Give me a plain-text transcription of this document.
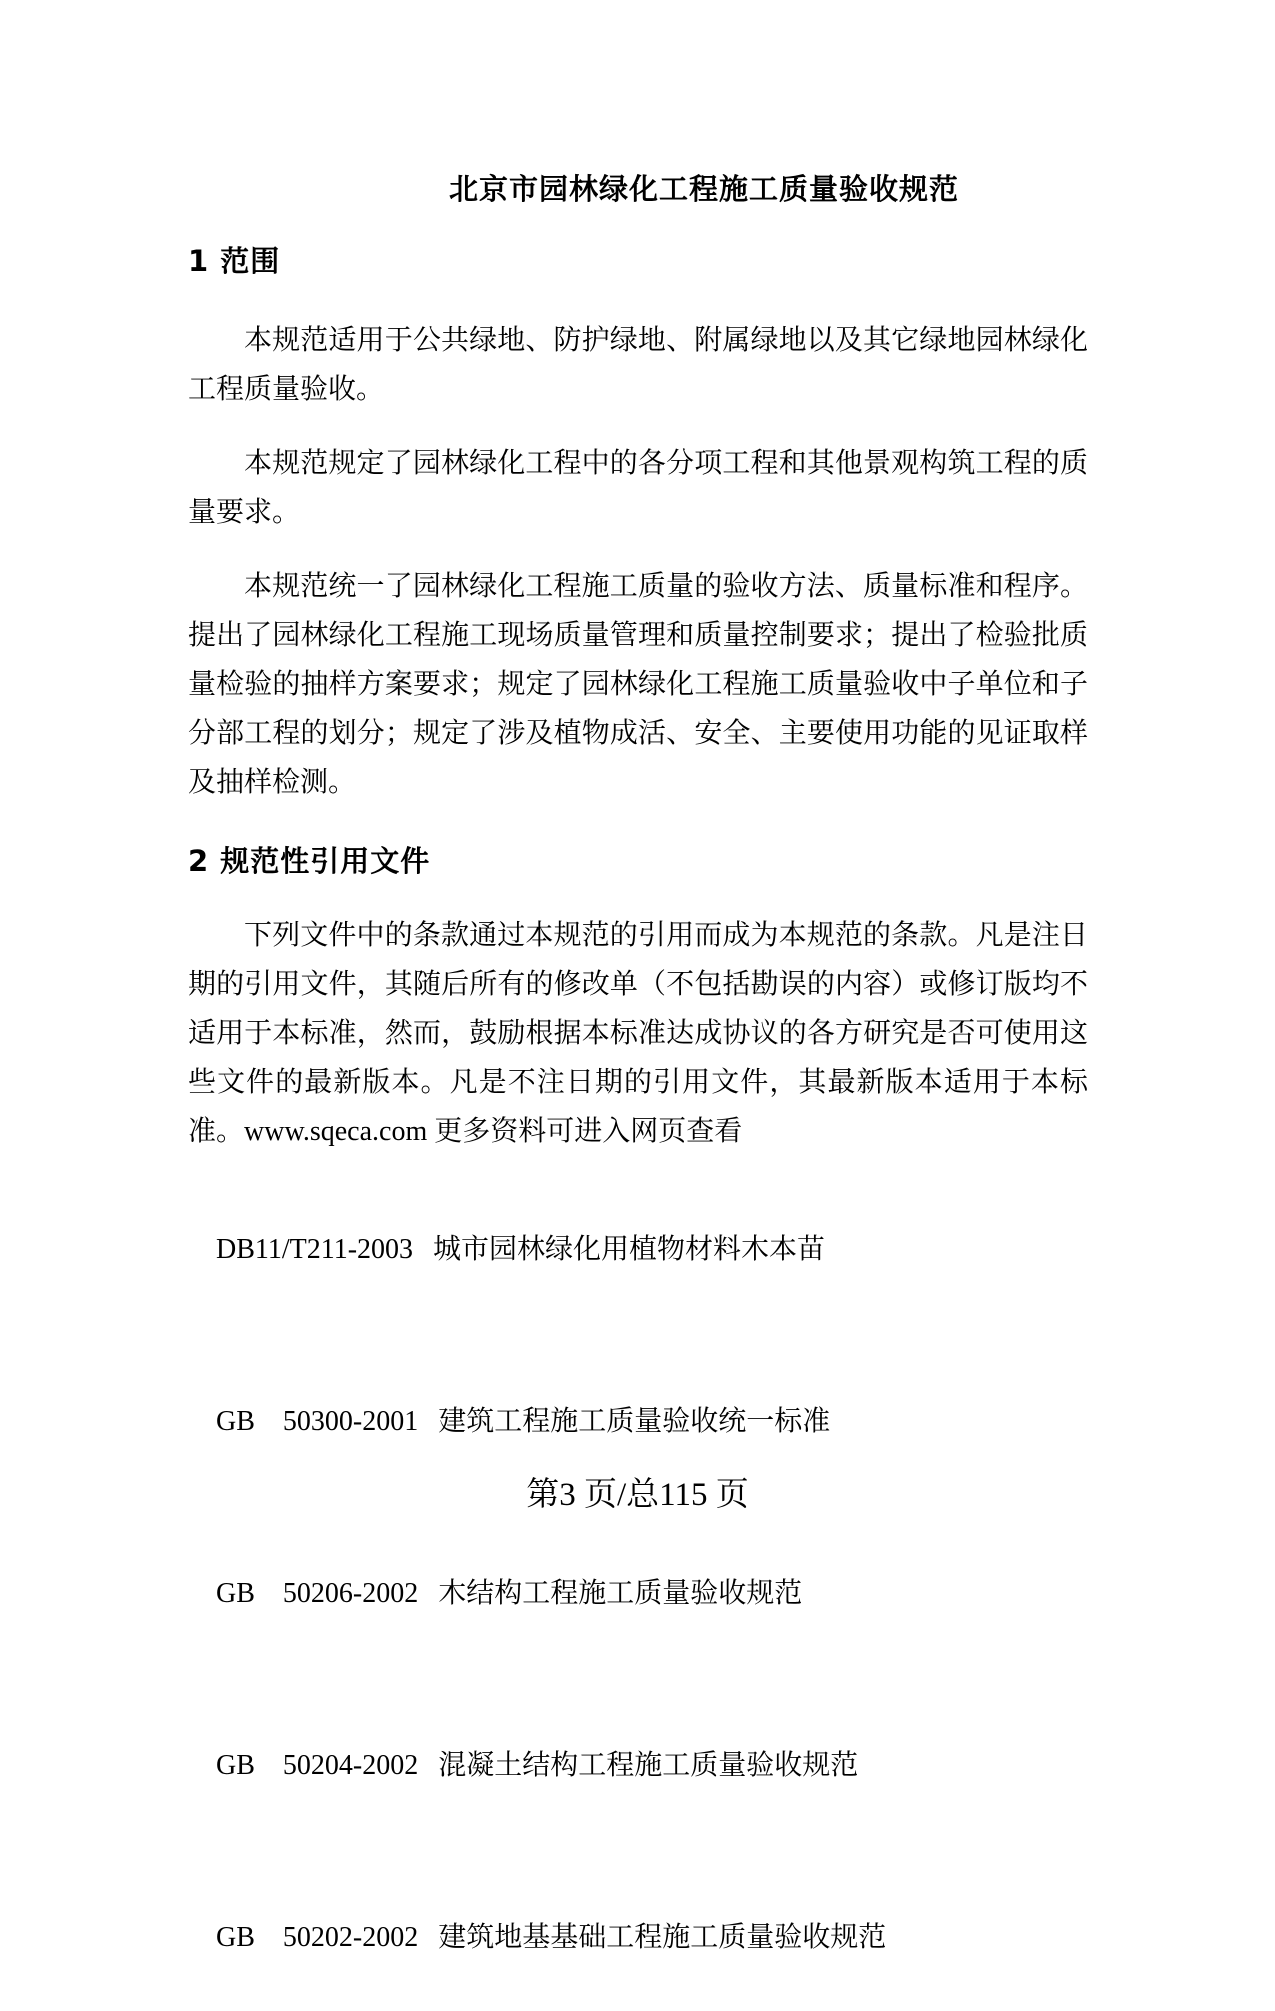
北京市园林绿化工程施工质量验收规范
1 范围

本规范适用于公共绿地、防护绿地、附属绿地以及其它绿地园林绿化工程质量验收。

本规范规定了园林绿化工程中的各分项工程和其他景观构筑工程的质量要求。

本规范统一了园林绿化工程施工质量的验收方法、质量标准和程序。提出了园林绿化工程施工现场质量管理和质量控制要求；提出了检验批质量检验的抽样方案要求；规定了园林绿化工程施工质量验收中子单位和子分部工程的划分；规定了涉及植物成活、安全、主要使用功能的见证取样及抽样检测。

2 规范性引用文件

下列文件中的条款通过本规范的引用而成为本规范的条款。凡是注日期的引用文件，其随后所有的修改单（不包括勘误的内容）或修订版均不适用于本标准，然而，鼓励根据本标准达成协议的各方研究是否可使用这些文件的最新版本。凡是不注日期的引用文件，其最新版本适用于本标准。www.sqeca.com 更多资料可进入网页查看

DB11/T211-2003 城市园林绿化用植物材料木本苗

GB　50300-2001 建筑工程施工质量验收统一标准

GB　50206-2002 木结构工程施工质量验收规范

GB　50204-2002 混凝土结构工程施工质量验收规范

GB　50202-2002 建筑地基基础工程施工质量验收规范

第3 页/总115 页
